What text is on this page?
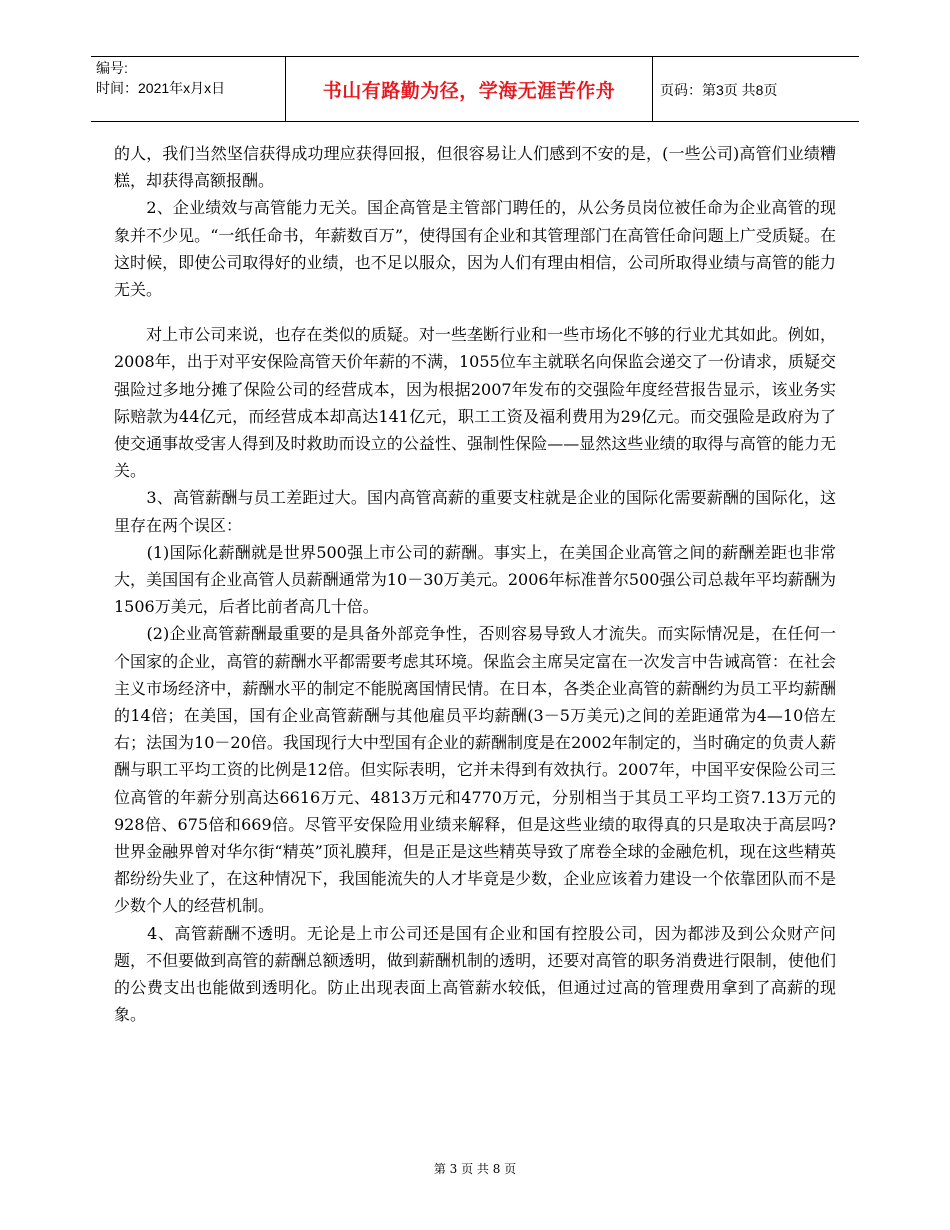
编号:
时间：2021年x月x日	书山有路勤为径，学海无涯苦作舟	页码：第3页 共8页

的人，我们当然坚信获得成功理应获得回报，但很容易让人们感到不安的是，(一些公司)高管们业绩糟糕，却获得高额报酬。

　　2、企业绩效与高管能力无关。国企高管是主管部门聘任的，从公务员岗位被任命为企业高管的现象并不少见。“一纸任命书，年薪数百万”，使得国有企业和其管理部门在高管任命问题上广受质疑。在这时候，即使公司取得好的业绩，也不足以服众，因为人们有理由相信，公司所取得业绩与高管的能力无关。

　　对上市公司来说，也存在类似的质疑。对一些垄断行业和一些市场化不够的行业尤其如此。例如，2008年，出于对平安保险高管天价年薪的不满，1055位车主就联名向保监会递交了一份请求，质疑交强险过多地分摊了保险公司的经营成本，因为根据2007年发布的交强险年度经营报告显示，该业务实际赔款为44亿元，而经营成本却高达141亿元，职工工资及福利费用为29亿元。而交强险是政府为了使交通事故受害人得到及时救助而设立的公益性、强制性保险——显然这些业绩的取得与高管的能力无关。

　　3、高管薪酬与员工差距过大。国内高管高薪的重要支柱就是企业的国际化需要薪酬的国际化，这里存在两个误区：

　　(1)国际化薪酬就是世界500强上市公司的薪酬。事实上，在美国企业高管之间的薪酬差距也非常大，美国国有企业高管人员薪酬通常为10－30万美元。2006年标准普尔500强公司总裁年平均薪酬为1506万美元，后者比前者高几十倍。

　　(2)企业高管薪酬最重要的是具备外部竞争性，否则容易导致人才流失。而实际情况是，在任何一个国家的企业，高管的薪酬水平都需要考虑其环境。保监会主席吴定富在一次发言中告诫高管：在社会主义市场经济中，薪酬水平的制定不能脱离国情民情。在日本，各类企业高管的薪酬约为员工平均薪酬的14倍；在美国，国有企业高管薪酬与其他雇员平均薪酬(3－5万美元)之间的差距通常为4—10倍左右；法国为10－20倍。我国现行大中型国有企业的薪酬制度是在2002年制定的，当时确定的负责人薪酬与职工平均工资的比例是12倍。但实际表明，它并未得到有效执行。2007年，中国平安保险公司三位高管的年薪分别高达6616万元、4813万元和4770万元，分别相当于其员工平均工资7.13万元的928倍、675倍和669倍。尽管平安保险用业绩来解释，但是这些业绩的取得真的只是取决于高层吗?世界金融界曾对华尔街“精英”顶礼膜拜，但是正是这些精英导致了席卷全球的金融危机，现在这些精英都纷纷失业了，在这种情况下，我国能流失的人才毕竟是少数，企业应该着力建设一个依靠团队而不是少数个人的经营机制。

　　4、高管薪酬不透明。无论是上市公司还是国有企业和国有控股公司，因为都涉及到公众财产问题，不但要做到高管的薪酬总额透明，做到薪酬机制的透明，还要对高管的职务消费进行限制，使他们的公费支出也能做到透明化。防止出现表面上高管薪水较低，但通过过高的管理费用拿到了高薪的现象。

第 3 页 共 8 页
